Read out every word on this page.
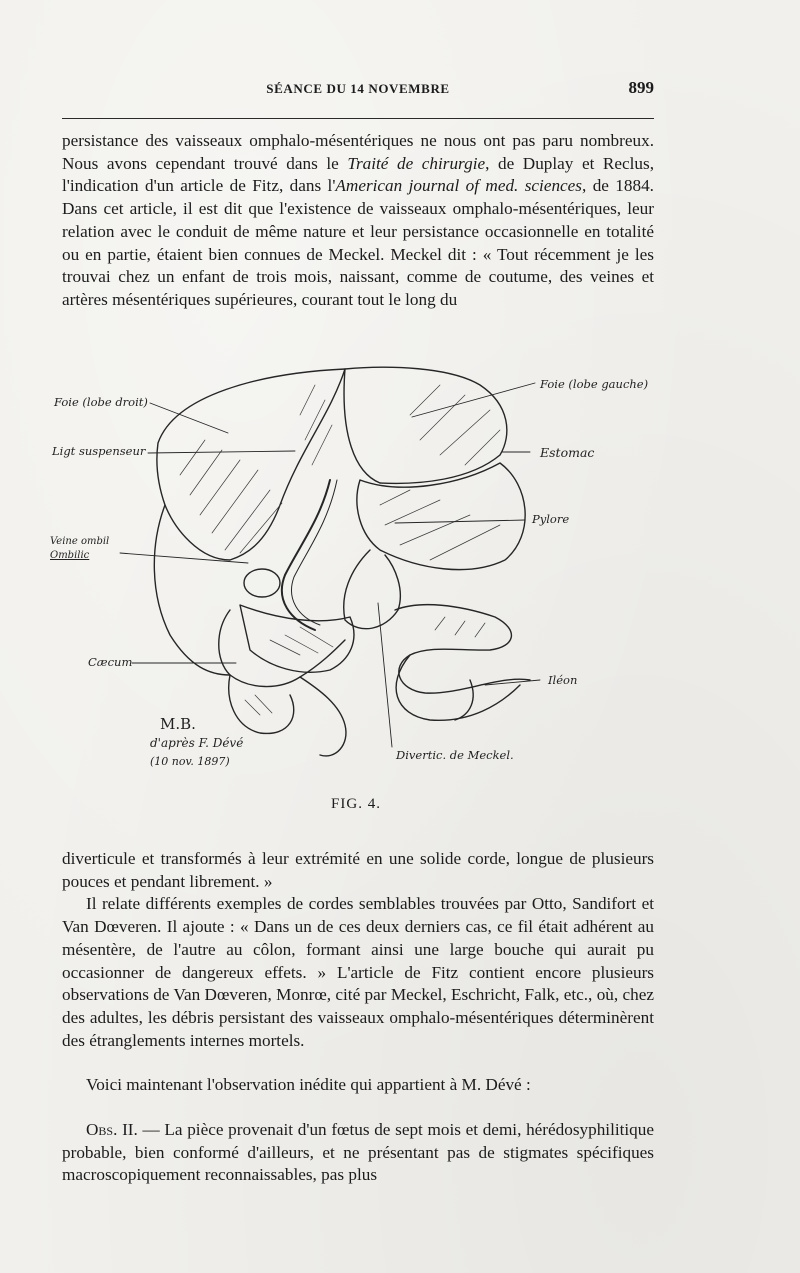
SÉANCE DU 14 NOVEMBRE	899

persistance des vaisseaux omphalo-mésentériques ne nous ont pas paru nombreux. Nous avons cependant trouvé dans le Traité de chirurgie, de Duplay et Reclus, l'indication d'un article de Fitz, dans l'American journal of med. sciences, de 1884. Dans cet article, il est dit que l'existence de vaisseaux omphalo-mésentériques, leur relation avec le conduit de même nature et leur persistance occasionnelle en totalité ou en partie, étaient bien connues de Meckel. Meckel dit : « Tout récemment je les trouvai chez un enfant de trois mois, naissant, comme de coutume, des veines et artères mésentériques supérieures, courant tout le long du

Foie (lobe droit)
Foie (lobe gauche)
Ligt suspenseur	Estomac
Pylore
Veine ombil
Ombilic
Cæcum
Iléon
Divertic. de Meckel.
M.B.
d'après F. Dévé
(10 nov. 1897)
FIG. 4.

diverticule et transformés à leur extrémité en une solide corde, longue de plusieurs pouces et pendant librement. »

Il relate différents exemples de cordes semblables trouvées par Otto, Sandifort et Van Dœveren. Il ajoute : « Dans un de ces deux derniers cas, ce fil était adhérent au mésentère, de l'autre au côlon, formant ainsi une large bouche qui aurait pu occasionner de dangereux effets. » L'article de Fitz contient encore plusieurs observations de Van Dœveren, Monrœ, cité par Meckel, Eschricht, Falk, etc., où, chez des adultes, les débris persistant des vaisseaux omphalo-mésentériques déterminèrent des étranglements internes mortels.

Voici maintenant l'observation inédite qui appartient à M. Dévé :

Obs. II. — La pièce provenait d'un fœtus de sept mois et demi, hérédosyphilitique probable, bien conformé d'ailleurs, et ne présentant pas de stigmates spécifiques macroscopiquement reconnaissables, pas plus
